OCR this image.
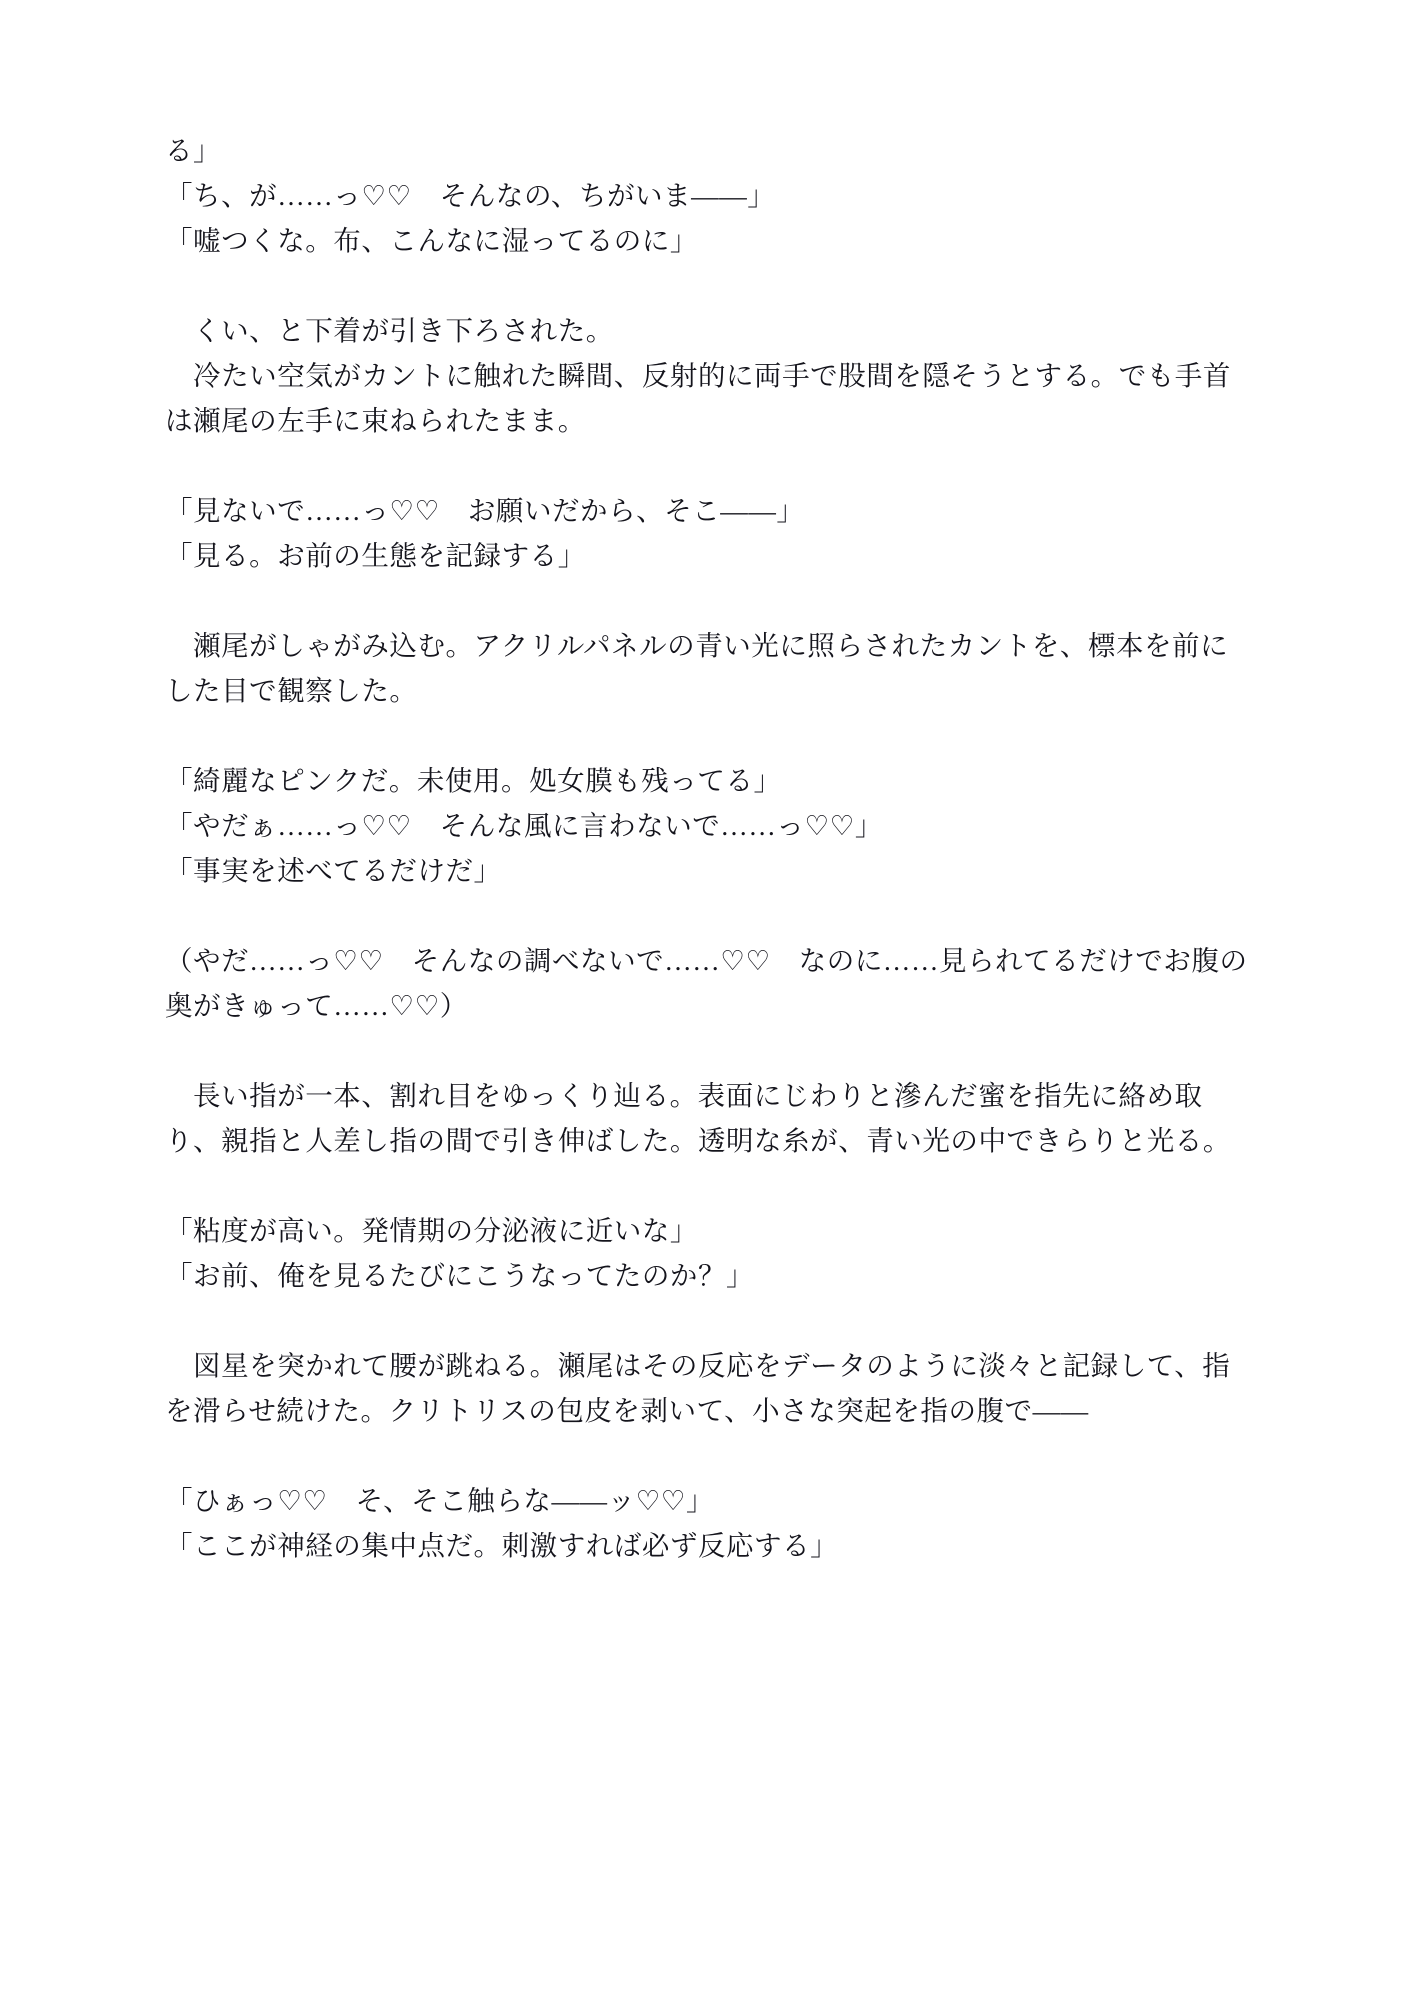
る」

「ち、が……っ♡♡　そんなの、ちがいま――」

「嘘つくな。布、こんなに湿ってるのに」

　くい、と下着が引き下ろされた。

　冷たい空気がカントに触れた瞬間、反射的に両手で股間を隠そうとする。でも手首は瀬尾の左手に束ねられたまま。

「見ないで……っ♡♡　お願いだから、そこ――」

「見る。お前の生態を記録する」

　瀬尾がしゃがみ込む。アクリルパネルの青い光に照らされたカントを、標本を前にした目で観察した。

「綺麗なピンクだ。未使用。処女膜も残ってる」

「やだぁ……っ♡♡　そんな風に言わないで……っ♡♡」

「事実を述べてるだけだ」

（やだ……っ♡♡　そんなの調べないで……♡♡　なのに……見られてるだけでお腹の奥がきゅって……♡♡）

　長い指が一本、割れ目をゆっくり辿る。表面にじわりと滲んだ蜜を指先に絡め取り、親指と人差し指の間で引き伸ばした。透明な糸が、青い光の中できらりと光る。

「粘度が高い。発情期の分泌液に近いな」

「お前、俺を見るたびにこうなってたのか？」

　図星を突かれて腰が跳ねる。瀬尾はその反応をデータのように淡々と記録して、指を滑らせ続けた。クリトリスの包皮を剥いて、小さな突起を指の腹で――

「ひぁっ♡♡　そ、そこ触らな――ッ♡♡」

「ここが神経の集中点だ。刺激すれば必ず反応する」
